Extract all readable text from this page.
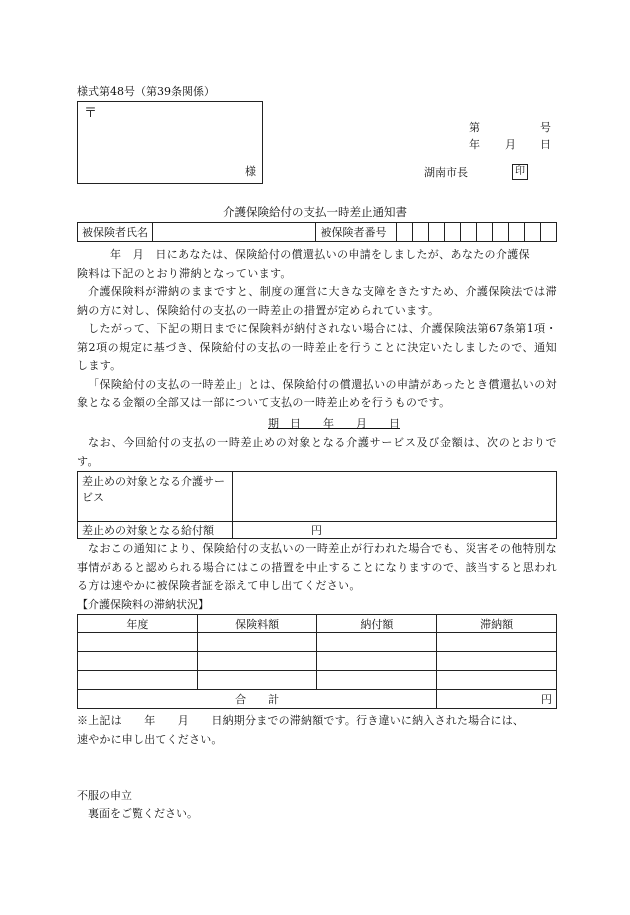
様式第48号（第39条関係）
〒
様
第	号
年 月 日
湖南市長	印
介護保険給付の支払一時差止通知書
被保険者氏名		被保険者番号										

年　月　日にあなたは、保険給付の償還払いの申請をしましたが、あなたの介護保

険料は下記のとおり滞納となっています。

介護保険料が滞納のままですと、制度の運営に大きな支障をきたすため、介護保険法では滞納の方に対し、保険給付の支払の一時差止の措置が定められています。

したがって、下記の期日までに保険料が納付されない場合には、介護保険法第67条第1項・第2項の規定に基づき、保険給付の支払の一時差止を行うことに決定いたしましたので、通知します。

「保険給付の支払の一時差止」とは、保険給付の償還払いの申請があったとき償還払いの対象となる金額の全部又は一部について支払の一時差止めを行うものです。

期　日　　年　　月　　日

なお、今回給付の支払の一時差止めの対象となる介護サービス及び金額は、次のとおりです。

差止めの対象となる介護サービス	
差止めの対象となる給付額	円

なおこの通知により、保険給付の支払いの一時差止が行われた場合でも、災害その他特別な事情があると認められる場合にはこの措置を中止することになりますので、該当すると思われる方は速やかに被保険者証を添えて申し出てください。

【介護保険料の滞納状況】
年度	保険料額	納付額	滞納額

合　　計			円
※上記は　　年　　月　　日納期分までの滞納額です。行き違いに納入された場合には、
速やかに申し出てください。
不服の申立
裏面をご覧ください。
